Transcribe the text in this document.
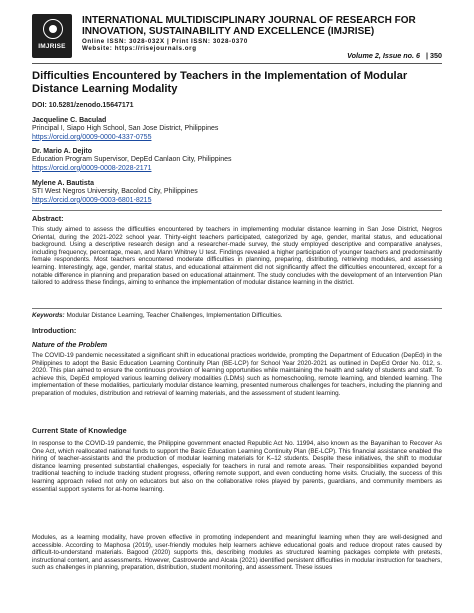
IMJRISE
INTERNATIONAL MULTIDISCIPLINARY JOURNAL OF RESEARCH FOR INNOVATION, SUSTAINABILITY AND EXCELLENCE (IMJRISE)
Online ISSN: 3028-032X | Print ISSN: 3028-0370
Website: https://risejournals.org
Volume 2, Issue no. 6 | 350
Difficulties Encountered by Teachers in the Implementation of Modular Distance Learning Modality
DOI: 10.5281/zenodo.15647171
Jacqueline C. Baculad
Principal I, Siapo High School, San Jose District, Philippines
https://orcid.org/0009-0000-4337-0755
Dr. Mario A. Dejito
Education Program Supervisor, DepEd Canlaon City, Philippines
https://orcid.org/0009-0008-2028-2171
Mylene A. Bautista
STI West Negros University, Bacolod City, Philippines
https://orcid.org/0009-0003-6801-8215
Abstract:
This study aimed to assess the difficulties encountered by teachers in implementing modular distance learning in San Jose District, Negros Oriental, during the 2021-2022 school year. Thirty-eight teachers participated, categorized by age, gender, marital status, and educational background. Using a descriptive research design and a researcher-made survey, the study employed descriptive and comparative analyses, including frequency, percentage, mean, and Mann Whitney U test. Findings revealed a higher participation of younger teachers and predominantly female respondents. Most teachers encountered moderate difficulties in planning, preparing, distributing, retrieving modules, and assessing learning. Interestingly, age, gender, marital status, and educational attainment did not significantly affect the difficulties encountered, except for a notable difference in planning and preparation based on educational attainment. The study concludes with the development of an Intervention Plan tailored to address these findings, aiming to enhance the implementation of modular distance learning in the district.
Keywords: Modular Distance Learning, Teacher Challenges, Implementation Difficulties.
Introduction:
Nature of the Problem
The COVID-19 pandemic necessitated a significant shift in educational practices worldwide, prompting the Department of Education (DepEd) in the Philippines to adopt the Basic Education Learning Continuity Plan (BE-LCP) for School Year 2020-2021 as outlined in DepEd Order No. 012, s. 2020. This plan aimed to ensure the continuous provision of learning opportunities while maintaining the health and safety of students and staff. To achieve this, DepEd employed various learning delivery modalities (LDMs) such as homeschooling, remote learning, and blended learning. The implementation of these modalities, particularly modular distance learning, presented numerous challenges for teachers, including the planning and preparation of modules, distribution and retrieval of learning materials, and the assessment of student learning.
Current State of Knowledge
In response to the COVID-19 pandemic, the Philippine government enacted Republic Act No. 11994, also known as the Bayanihan to Recover As One Act, which reallocated national funds to support the Basic Education Learning Continuity Plan (BE-LCP). This financial assistance enabled the hiring of teacher-assistants and the production of modular learning materials for K–12 students. Despite these initiatives, the shift to modular distance learning presented substantial challenges, especially for teachers in rural and remote areas. Their responsibilities expanded beyond traditional teaching to include tracking student progress, offering remote support, and even conducting home visits. Crucially, the success of this learning approach relied not only on educators but also on the collaborative roles played by parents, guardians, and community members as essential support systems for at-home learning.
Modules, as a learning modality, have proven effective in promoting independent and meaningful learning when they are well-designed and accessible. According to Maphosa (2019), user-friendly modules help learners achieve educational goals and reduce dropout rates caused by difficult-to-understand materials. Bagood (2020) supports this, describing modules as structured learning packages complete with pretests, instructional content, and assessments. However, Castroverde and Alcala (2021) identified persistent difficulties in modular instruction for teachers, such as challenges in planning, preparation, distribution, student monitoring, and assessment. These issues
